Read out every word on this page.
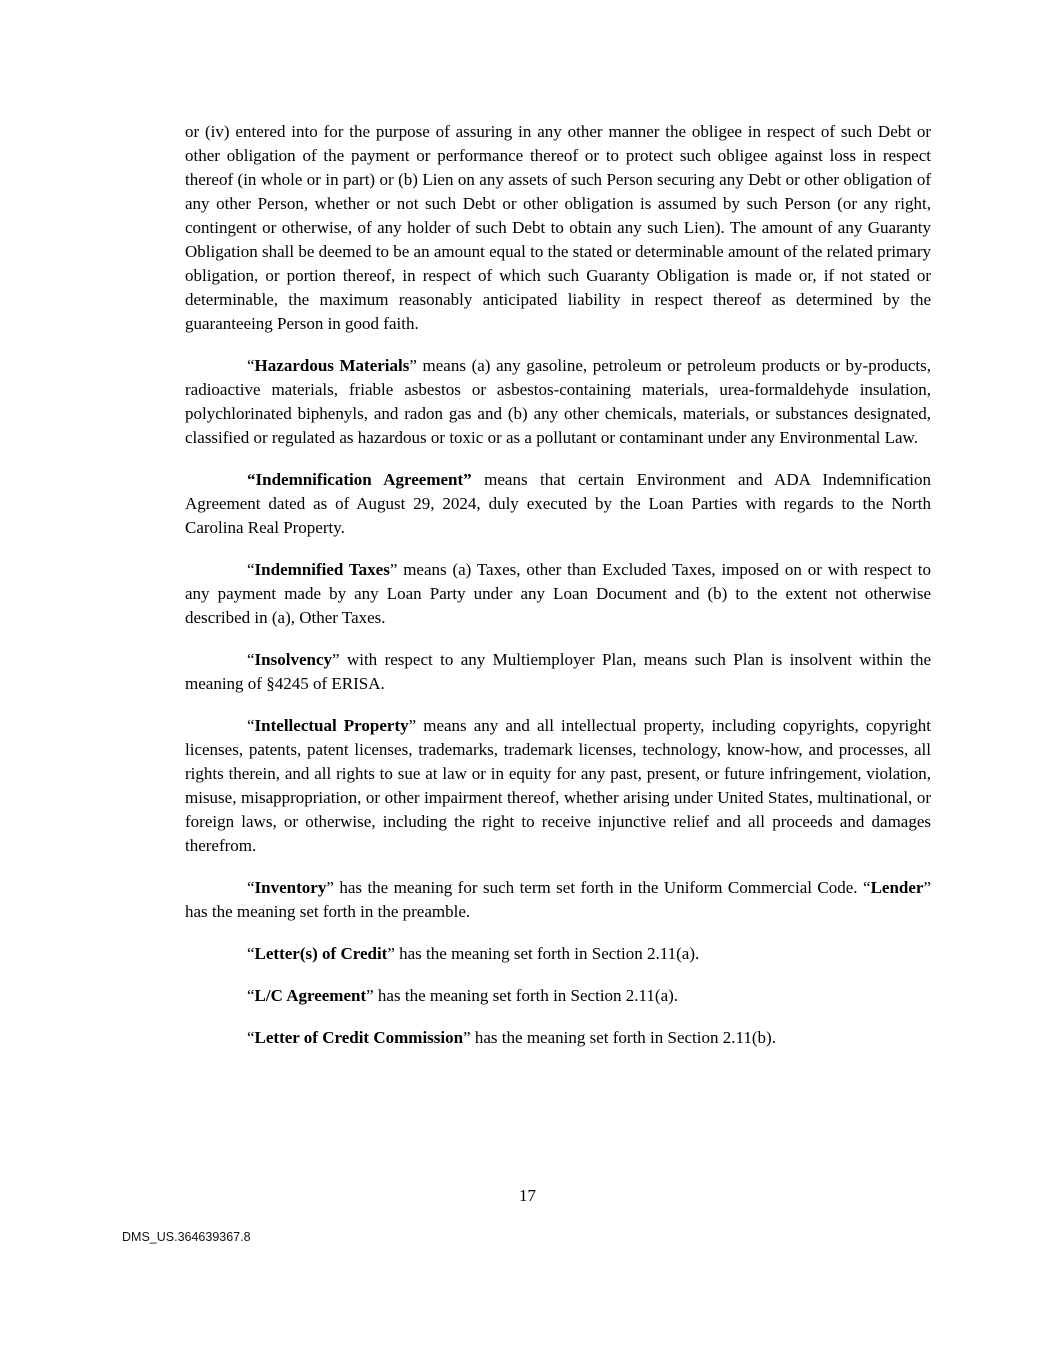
or (iv) entered into for the purpose of assuring in any other manner the obligee in respect of such Debt or other obligation of the payment or performance thereof or to protect such obligee against loss in respect thereof (in whole or in part) or (b) Lien on any assets of such Person securing any Debt or other obligation of any other Person, whether or not such Debt or other obligation is assumed by such Person (or any right, contingent or otherwise, of any holder of such Debt to obtain any such Lien). The amount of any Guaranty Obligation shall be deemed to be an amount equal to the stated or determinable amount of the related primary obligation, or portion thereof, in respect of which such Guaranty Obligation is made or, if not stated or determinable, the maximum reasonably anticipated liability in respect thereof as determined by the guaranteeing Person in good faith.

“Hazardous Materials” means (a) any gasoline, petroleum or petroleum products or by-products, radioactive materials, friable asbestos or asbestos-containing materials, urea-formaldehyde insulation, polychlorinated biphenyls, and radon gas and (b) any other chemicals, materials, or substances designated, classified or regulated as hazardous or toxic or as a pollutant or contaminant under any Environmental Law.

“Indemnification Agreement” means that certain Environment and ADA Indemnification Agreement dated as of August 29, 2024, duly executed by the Loan Parties with regards to the North Carolina Real Property.

“Indemnified Taxes” means (a) Taxes, other than Excluded Taxes, imposed on or with respect to any payment made by any Loan Party under any Loan Document and (b) to the extent not otherwise described in (a), Other Taxes.

“Insolvency” with respect to any Multiemployer Plan, means such Plan is insolvent within the meaning of §4245 of ERISA.

“Intellectual Property” means any and all intellectual property, including copyrights, copyright licenses, patents, patent licenses, trademarks, trademark licenses, technology, know-how, and processes, all rights therein, and all rights to sue at law or in equity for any past, present, or future infringement, violation, misuse, misappropriation, or other impairment thereof, whether arising under United States, multinational, or foreign laws, or otherwise, including the right to receive injunctive relief and all proceeds and damages therefrom.

“Inventory” has the meaning for such term set forth in the Uniform Commercial Code. “Lender” has the meaning set forth in the preamble.

“Letter(s) of Credit” has the meaning set forth in Section 2.11(a).

“L/C Agreement” has the meaning set forth in Section 2.11(a).

“Letter of Credit Commission” has the meaning set forth in Section 2.11(b).

17
DMS_US.364639367.8
